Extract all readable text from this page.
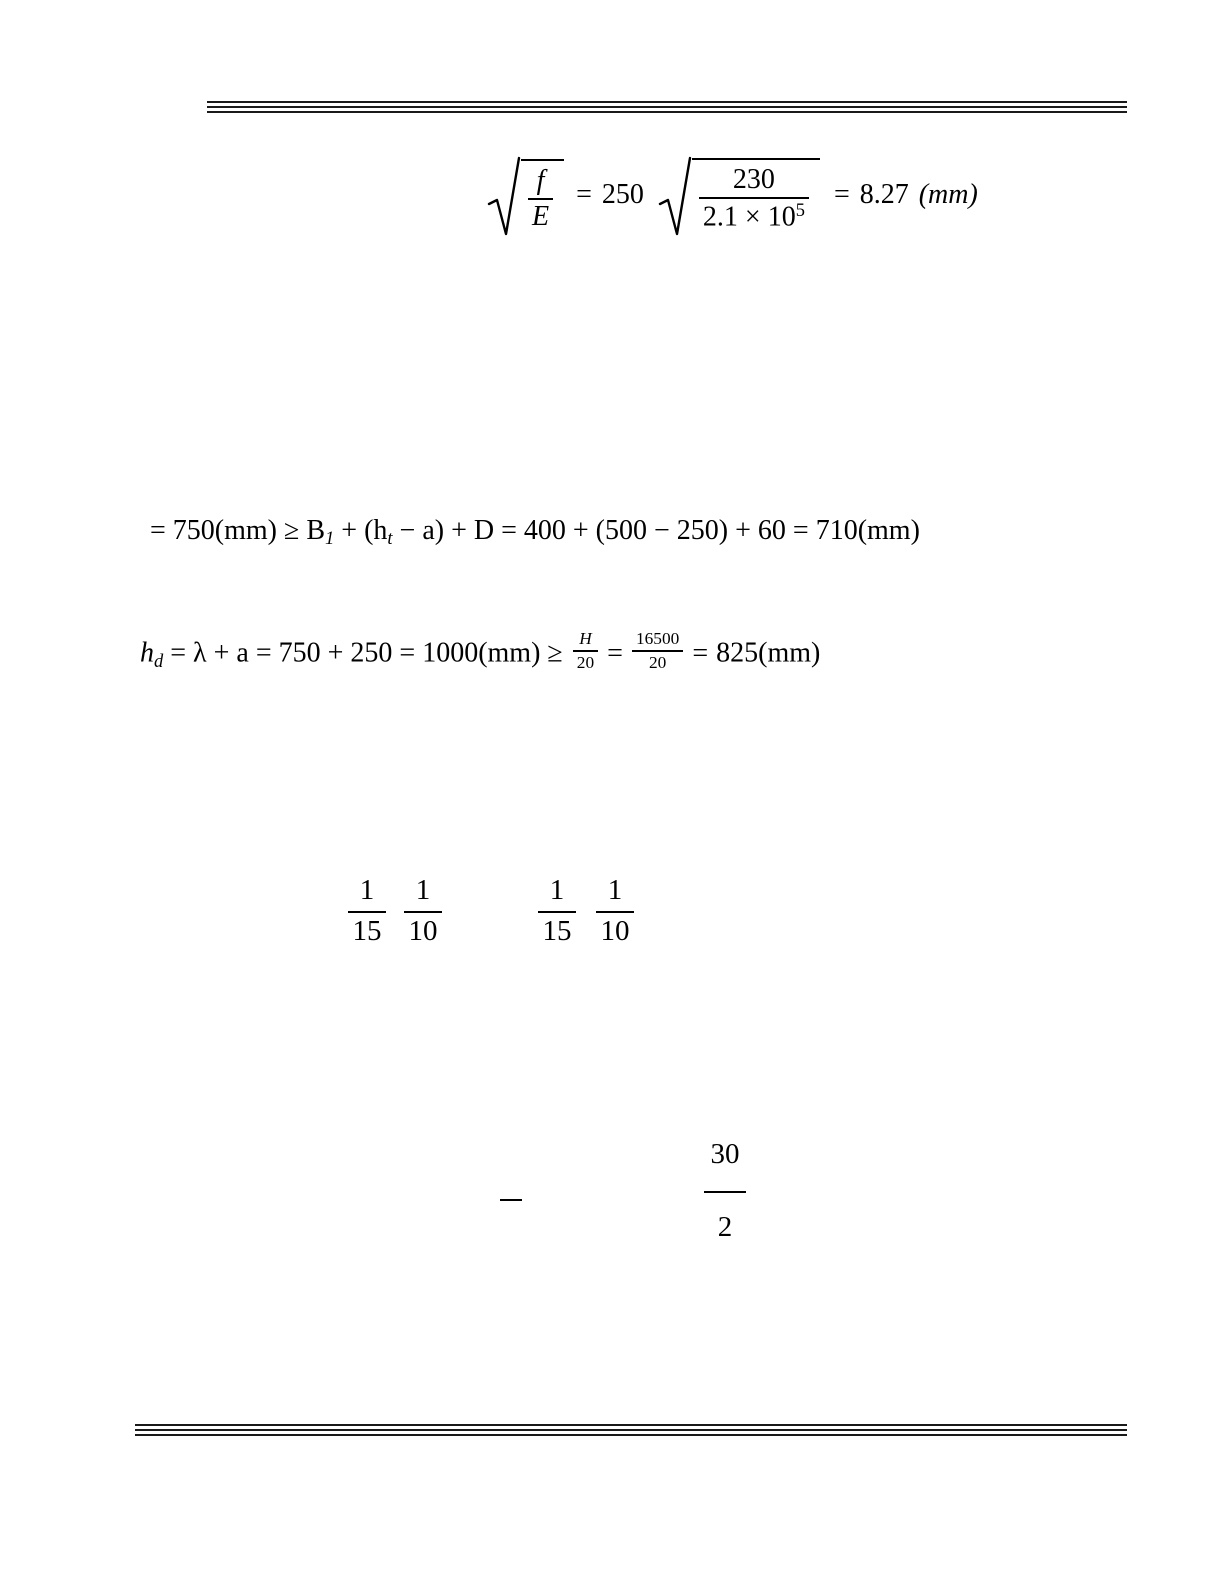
$\frac{f}{E} = 250 \frac{230}{2.1 \times 10^5} = 8.27$ (mm)
= $750(mm) \ge B_1 + (h_t - a) + D = 400 + (500 - 250) + 60 = 710(mm)$
$h_d = \lambda + a = 750 + 250 = 1000(mm) \ge \frac{H}{20} = \frac{16500}{20} = 825(mm)$
1
15
1
10
1
15
1
10
30
2
